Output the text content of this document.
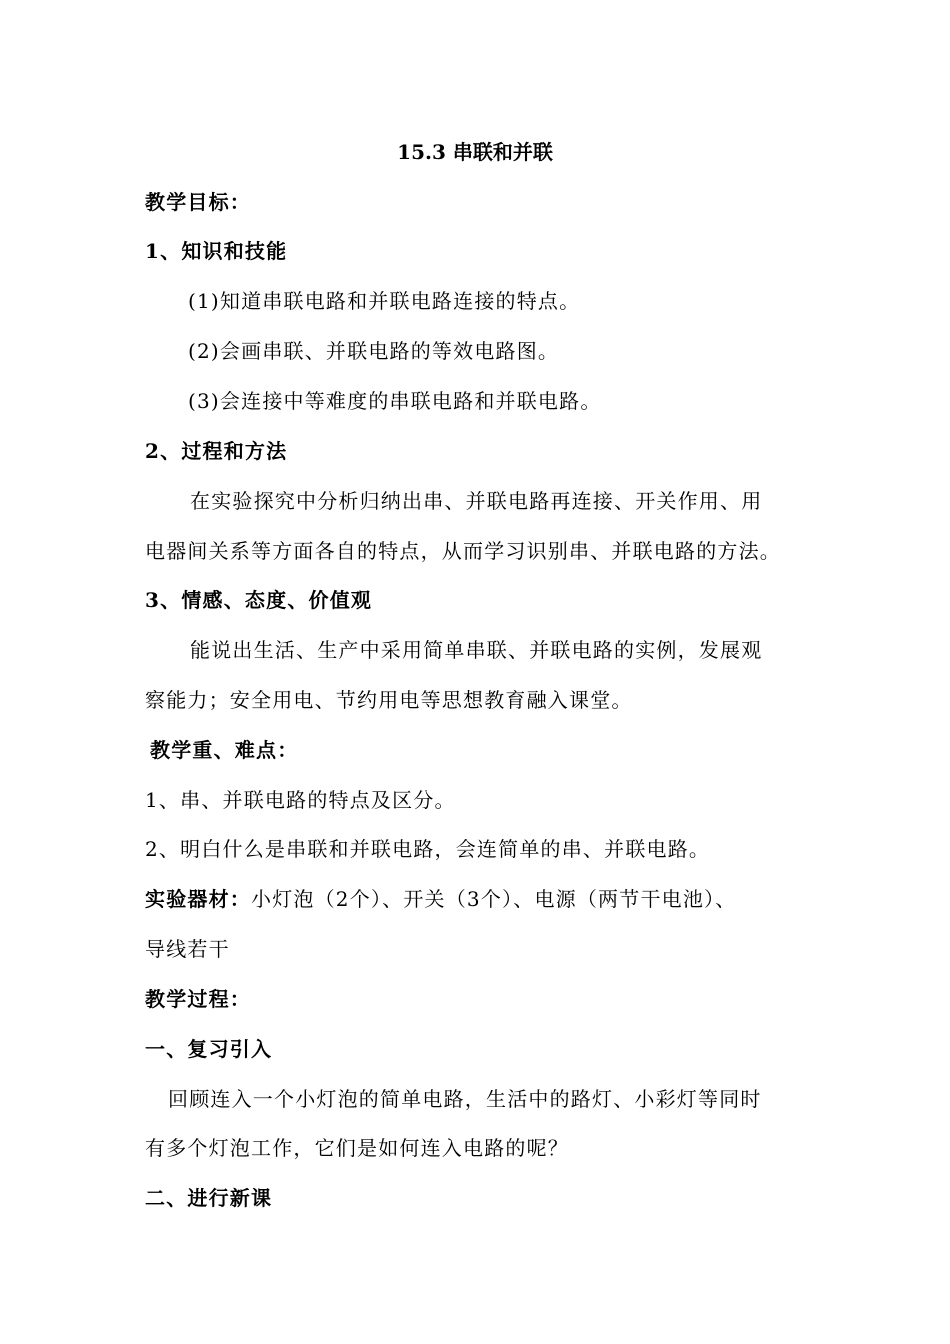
15.3 串联和并联
教学目标：
1、知识和技能
(1)知道串联电路和并联电路连接的特点。
(2)会画串联、并联电路的等效电路图。
(3)会连接中等难度的串联电路和并联电路。
2、过程和方法
在实验探究中分析归纳出串、并联电路再连接、开关作用、用
电器间关系等方面各自的特点，从而学习识别串、并联电路的方法。
3、情感、态度、价值观
能说出生活、生产中采用简单串联、并联电路的实例，发展观
察能力；安全用电、节约用电等思想教育融入课堂。
教学重、难点：
1、串、并联电路的特点及区分。
2、明白什么是串联和并联电路，会连简单的串、并联电路。
实验器材：小灯泡（2个）、开关（3个）、电源（两节干电池）、
导线若干
教学过程：
一、复习引入
回顾连入一个小灯泡的简单电路，生活中的路灯、小彩灯等同时
有多个灯泡工作，它们是如何连入电路的呢？
二、进行新课
